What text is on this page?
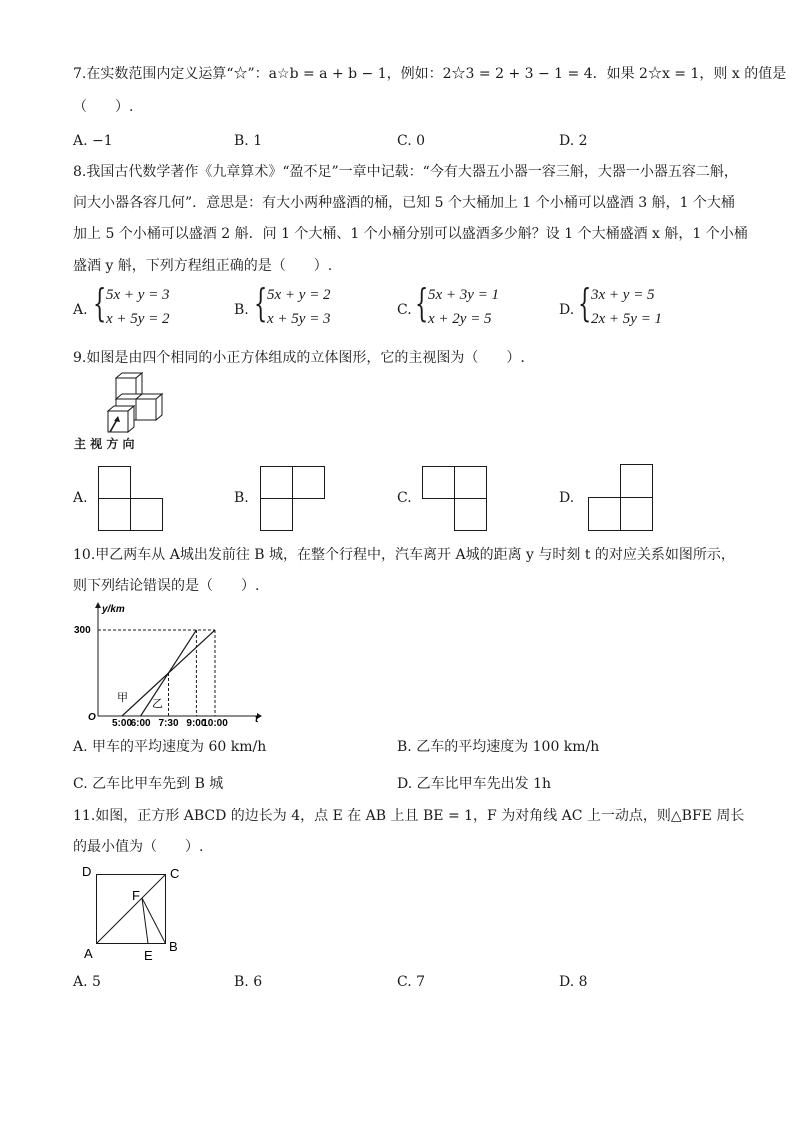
7.在实数范围内定义运算“☆”：a☆b = a + b − 1，例如：2☆3 = 2 + 3 − 1 = 4．如果 2☆x = 1，则 x 的值是
（　　）.
A. −1	B. 1	C. 0	D. 2
8.我国古代数学著作《九章算术》“盈不足”一章中记载：“今有大器五小器一容三斛，大器一小器五容二斛，
问大小器各容几何”．意思是：有大小两种盛酒的桶，已知 5 个大桶加上 1 个小桶可以盛酒 3 斛，1 个大桶
加上 5 个小桶可以盛酒 2 斛．问 1 个大桶、1 个小桶分别可以盛酒多少斛？设 1 个大桶盛酒 x 斛，1 个小桶
盛酒 y 斛，下列方程组正确的是（　　）.
A. { 5x + y = 3
x + 5y = 2
B. { 5x + y = 2
x + 5y = 3
C. { 5x + 3y = 1
x + 2y = 5
D. { 3x + y = 5
2x + 5y = 1
9.如图是由四个相同的小正方体组成的立体图形，它的主视图为（　　）.
主 视 方 向
A.	B.	C.	D.
10.甲乙两车从 A城出发前往 B 城，在整个行程中，汽车离开 A城的距离 y 与时刻 t 的对应关系如图所示，
则下列结论错误的是（　　）.
y/km
300
O	t
5:00
6:00 7:30 9:00
10:00
甲 乙
A. 甲车的平均速度为 60 km/h	B. 乙车的平均速度为 100 km/h
C. 乙车比甲车先到 B 城	D. 乙车比甲车先出发 1h
11.如图，正方形 ABCD 的边长为 4，点 E 在 AB 上且 BE = 1，F 为对角线 AC 上一动点，则△BFE 周长
的最小值为（　　）.
D	C
F
A	E
B
A. 5	B. 6	C. 7	D. 8
